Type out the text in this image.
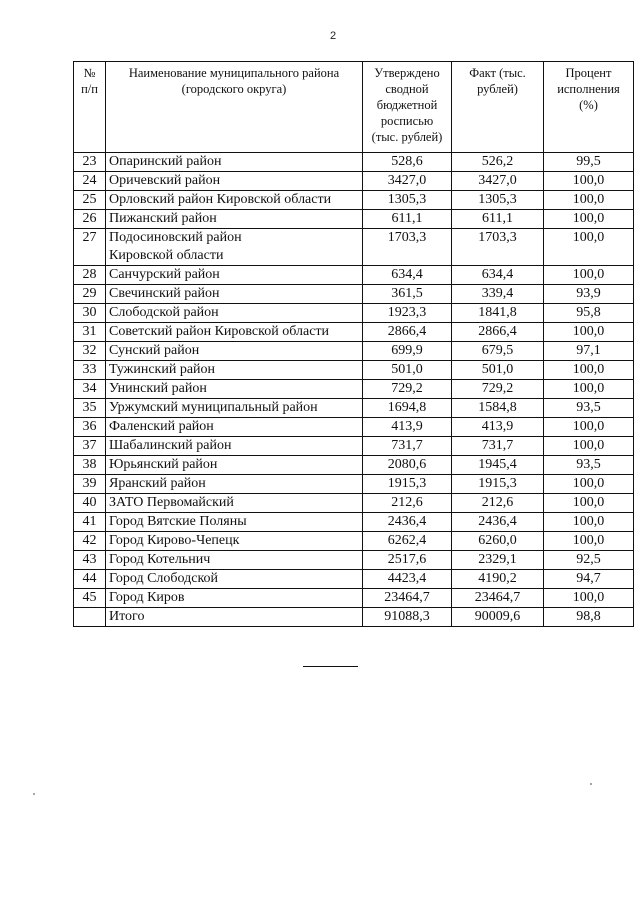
2
№ п/п	Наименование муниципального района (городского округа)	Утверждено сводной бюджетной росписью (тыс. рублей)	Факт (тыс. рублей)	Процент исполнения (%)
23	Опаринский район	528,6	526,2	99,5
24	Оричевский район	3427,0	3427,0	100,0
25	Орловский район Кировской области	1305,3	1305,3	100,0
26	Пижанский район	611,1	611,1	100,0
27	Подосиновский район
Кировской области	1703,3	1703,3	100,0
28	Санчурский район	634,4	634,4	100,0
29	Свечинский район	361,5	339,4	93,9
30	Слободской район	1923,3	1841,8	95,8
31	Советский район Кировской области	2866,4	2866,4	100,0
32	Сунский район	699,9	679,5	97,1
33	Тужинский район	501,0	501,0	100,0
34	Унинский район	729,2	729,2	100,0
35	Уржумский муниципальный район	1694,8	1584,8	93,5
36	Фаленский район	413,9	413,9	100,0
37	Шабалинский район	731,7	731,7	100,0
38	Юрьянский район	2080,6	1945,4	93,5
39	Яранский район	1915,3	1915,3	100,0
40	ЗАТО Первомайский	212,6	212,6	100,0
41	Город Вятские Поляны	2436,4	2436,4	100,0
42	Город Кирово-Чепецк	6262,4	6260,0	100,0
43	Город Котельнич	2517,6	2329,1	92,5
44	Город Слободской	4423,4	4190,2	94,7
45	Город Киров	23464,7	23464,7	100,0
	Итого	91088,3	90009,6	98,8
